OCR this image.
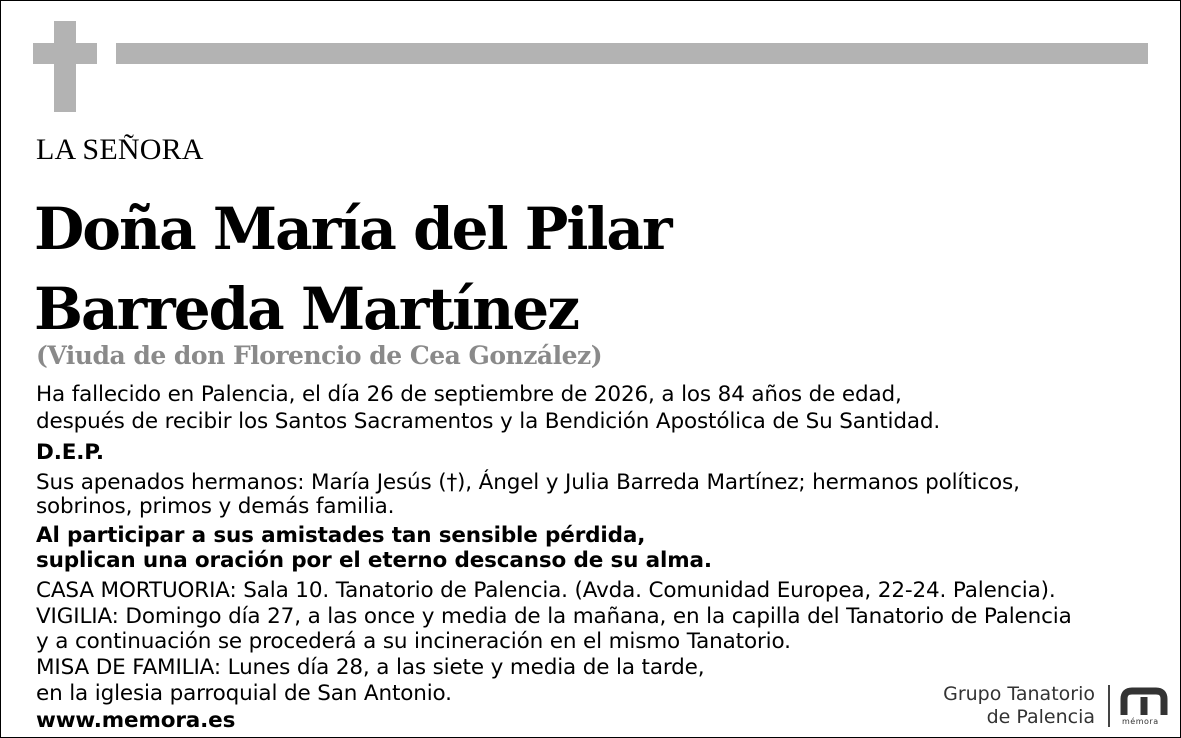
LA SEÑORA
Doña María del Pilar
Barreda Martínez
(Viuda de don Florencio de Cea González)
Ha fallecido en Palencia, el día 26 de septiembre de 2026, a los 84 años de edad,
después de recibir los Santos Sacramentos y la Bendición Apostólica de Su Santidad.
D.E.P.
Sus apenados hermanos: María Jesús (†), Ángel y Julia Barreda Martínez; hermanos políticos,
sobrinos, primos y demás familia.
Al participar a sus amistades tan sensible pérdida,
suplican una oración por el eterno descanso de su alma.
CASA MORTUORIA: Sala 10. Tanatorio de Palencia. (Avda. Comunidad Europea, 22-24. Palencia).
VIGILIA: Domingo día 27, a las once y media de la mañana, en la capilla del Tanatorio de Palencia
y a continuación se procederá a su incineración en el mismo Tanatorio.
MISA DE FAMILIA: Lunes día 28, a las siete y media de la tarde,
en la iglesia parroquial de San Antonio.
www.memora.es
Grupo Tanatorio
de Palencia	mémora
